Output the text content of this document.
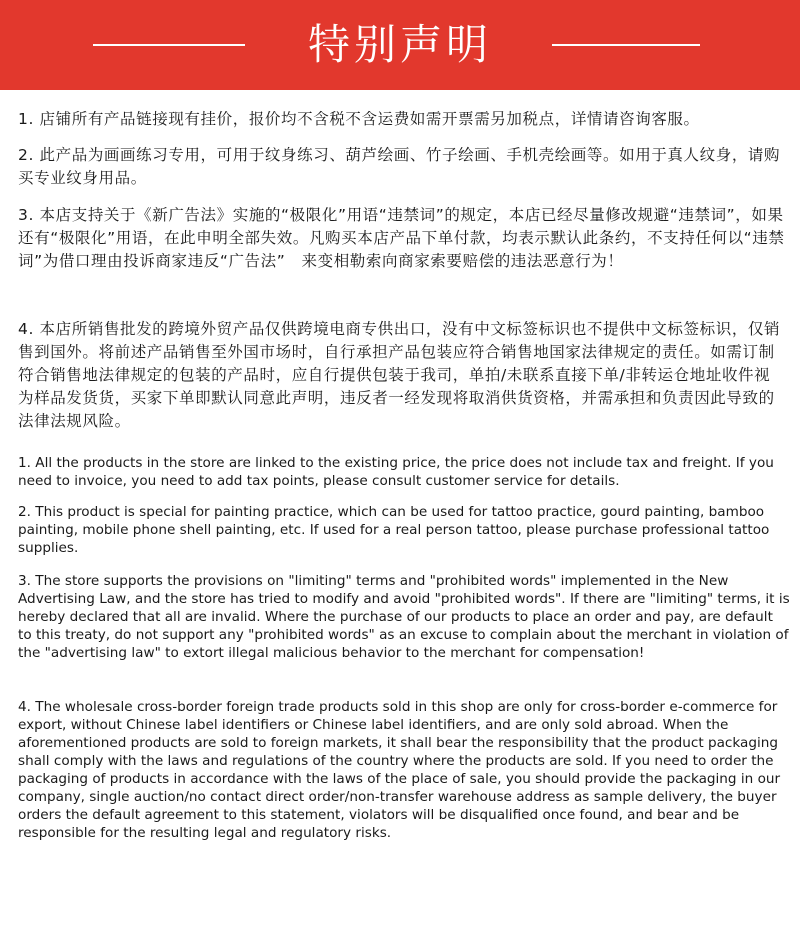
特别声明
1. 店铺所有产品链接现有挂价，报价均不含税不含运费如需开票需另加税点，详情请咨询客服。
2. 此产品为画画练习专用，可用于纹身练习、葫芦绘画、竹子绘画、手机壳绘画等。如用于真人纹身，请购买专业纹身用品。
3. 本店支持关于《新广告法》实施的“极限化”用语“违禁词”的规定，本店已经尽量修改规避“违禁词”，如果还有“极限化”用语，在此申明全部失效。凡购买本店产品下单付款，均表示默认此条约，不支持任何以“违禁词”为借口理由投诉商家违反“广告法”　来变相勒索向商家索要赔偿的违法恶意行为！
4. 本店所销售批发的跨境外贸产品仅供跨境电商专供出口，没有中文标签标识也不提供中文标签标识，仅销售到国外。将前述产品销售至外国市场时，自行承担产品包装应符合销售地国家法律规定的责任。如需订制符合销售地法律规定的包装的产品时，应自行提供包装于我司，单拍/未联系直接下单/非转运仓地址收件视为样品发货货，买家下单即默认同意此声明，违反者一经发现将取消供货资格，并需承担和负责因此导致的法律法规风险。
1. All the products in the store are linked to the existing price, the price does not include tax and freight. If you need to invoice, you need to add tax points, please consult customer service for details.
2. This product is special for painting practice, which can be used for tattoo practice, gourd painting, bamboo painting, mobile phone shell painting, etc. If used for a real person tattoo, please purchase professional tattoo supplies.
3. The store supports the provisions on "limiting" terms and "prohibited words" implemented in the New Advertising Law, and the store has tried to modify and avoid "prohibited words". If there are "limiting" terms, it is hereby declared that all are invalid. Where the purchase of our products to place an order and pay, are default to this treaty, do not support any "prohibited words" as an excuse to complain about the merchant in violation of the "advertising law" to extort illegal malicious behavior to the merchant for compensation!
4. The wholesale cross-border foreign trade products sold in this shop are only for cross-border e-commerce for export, without Chinese label identifiers or Chinese label identifiers, and are only sold abroad. When the aforementioned products are sold to foreign markets, it shall bear the responsibility that the product packaging shall comply with the laws and regulations of the country where the products are sold. If you need to order the packaging of products in accordance with the laws of the place of sale, you should provide the packaging in our company, single auction/no contact direct order/non-transfer warehouse address as sample delivery, the buyer orders the default agreement to this statement, violators will be disqualified once found, and bear and be responsible for the resulting legal and regulatory risks.
